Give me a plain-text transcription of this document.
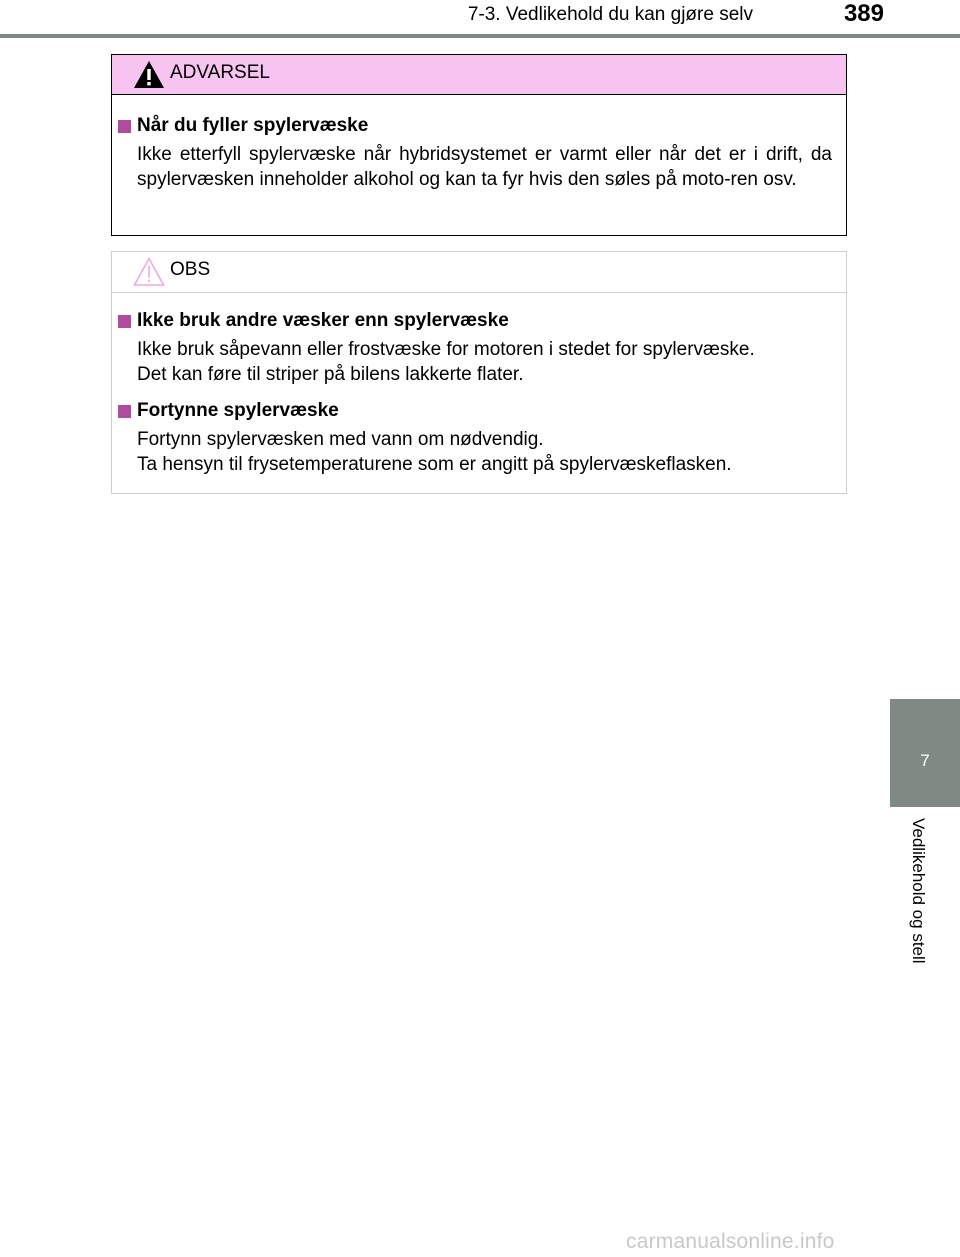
7-3. Vedlikehold du kan gjøre selv	389
7
Vedlikehold og stell
ADVARSEL
Når du fyller spylervæske

Ikke etterfyll spylervæske når hybridsystemet er varmt eller når det er i drift, da spylervæsken inneholder alkohol og kan ta fyr hvis den søles på moto-ren osv.

OBS
Ikke bruk andre væsker enn spylervæske

Ikke bruk såpevann eller frostvæske for motoren i stedet for spylervæske.

Det kan føre til striper på bilens lakkerte flater.

Fortynne spylervæske

Fortynn spylervæsken med vann om nødvendig.

Ta hensyn til frysetemperaturene som er angitt på spylervæskeflasken.

carmanualsonline.info
